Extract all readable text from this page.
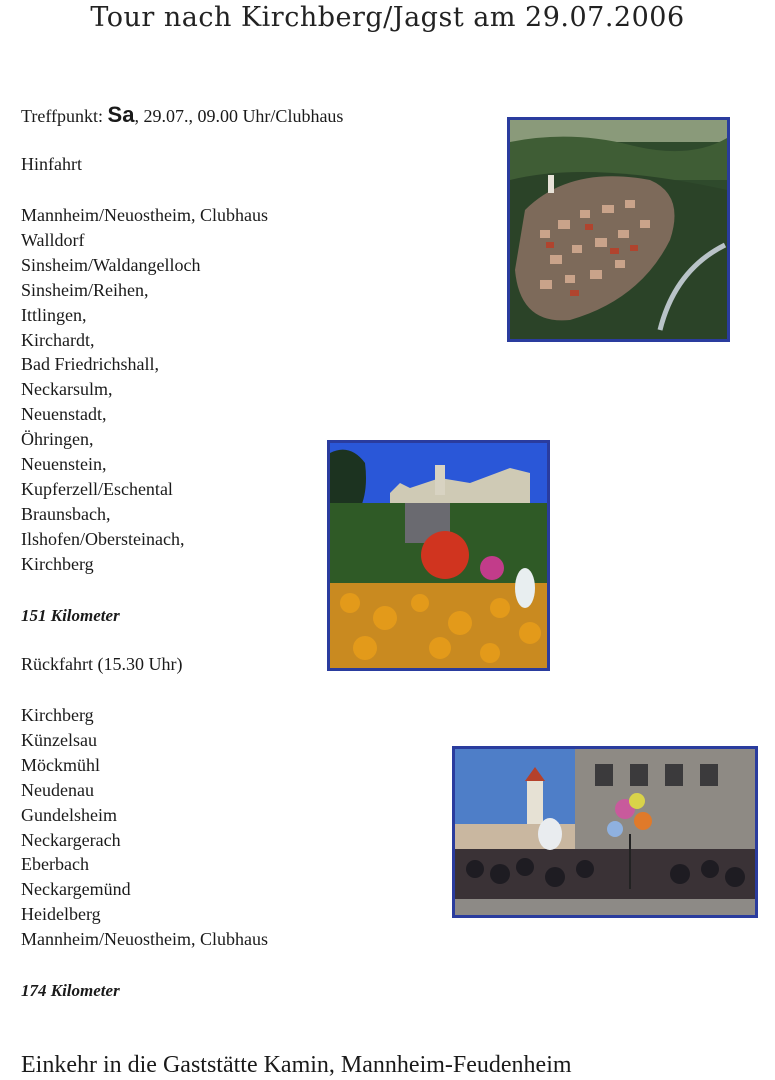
Tour nach Kirchberg/Jagst am 29.07.2006
Treffpunkt: Sa, 29.07., 09.00 Uhr/Clubhaus
Hinfahrt
Mannheim/Neuostheim, Clubhaus
Walldorf
Sinsheim/Waldangelloch
Sinsheim/Reihen,
Ittlingen,
Kirchardt,
Bad Friedrichshall,
Neckarsulm,
Neuenstadt,
Öhringen,
Neuenstein,
Kupferzell/Eschental
Braunsbach,
Ilshofen/Obersteinach,
Kirchberg
151 Kilometer
Rückfahrt (15.30 Uhr)
Kirchberg
Künzelsau
Möckmühl
Neudenau
Gundelsheim
Neckargerach
Eberbach
Neckargemünd
Heidelberg
Mannheim/Neuostheim, Clubhaus
174 Kilometer
Einkehr in die Gaststätte Kamin, Mannheim-Feudenheim
